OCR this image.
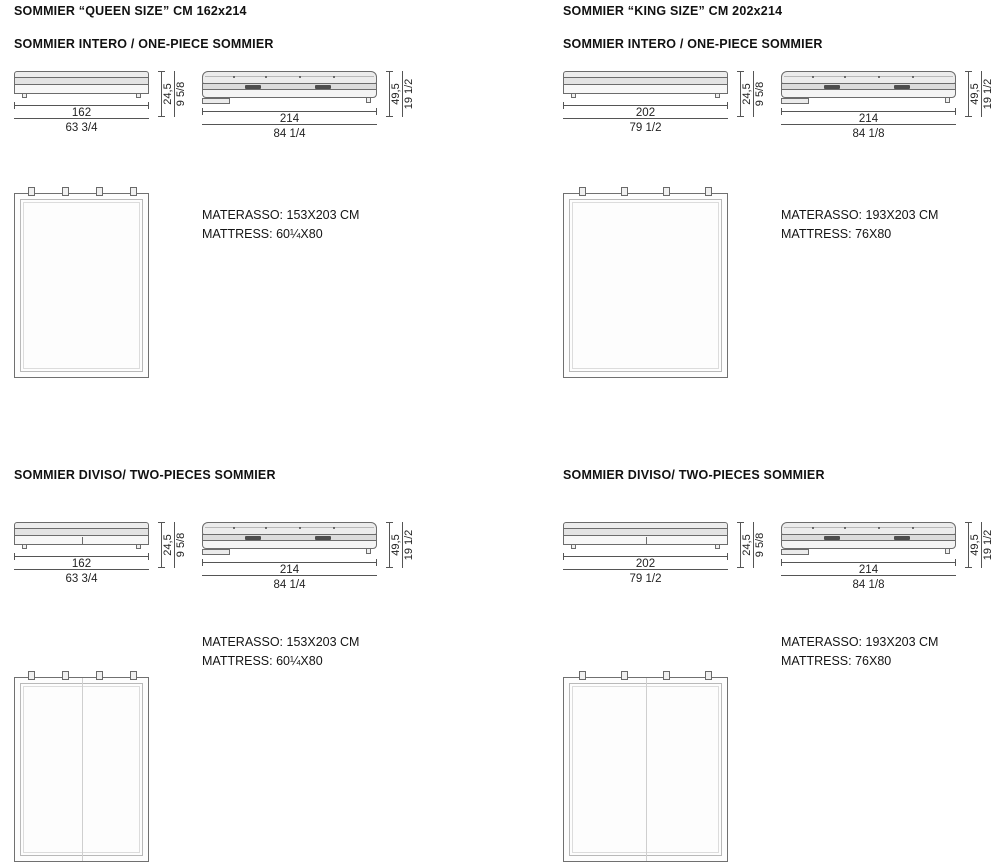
SOMMIER “QUEEN SIZE” CM 162x214
SOMMIER INTERO / ONE-PIECE SOMMIER
162
63 3/4
24,5 9 5/8
214
84 1/4
49,5 19 1/2
MATERASSO: 153X203 CM
MATTRESS: 60¼X80
SOMMIER “KING SIZE” CM 202x214
SOMMIER INTERO / ONE-PIECE SOMMIER
202
79 1/2
24,5 9 5/8
214
84 1/8
49,5 19 1/2
MATERASSO: 193X203 CM
MATTRESS: 76X80
SOMMIER DIVISO/ TWO-PIECES SOMMIER
162
63 3/4
24,5 9 5/8
214
84 1/4
49,5 19 1/2
MATERASSO: 153X203 CM
MATTRESS: 60¼X80
SOMMIER DIVISO/ TWO-PIECES SOMMIER
202
79 1/2
24,5 9 5/8
214
84 1/8
49,5 19 1/2
MATERASSO: 193X203 CM
MATTRESS: 76X80
